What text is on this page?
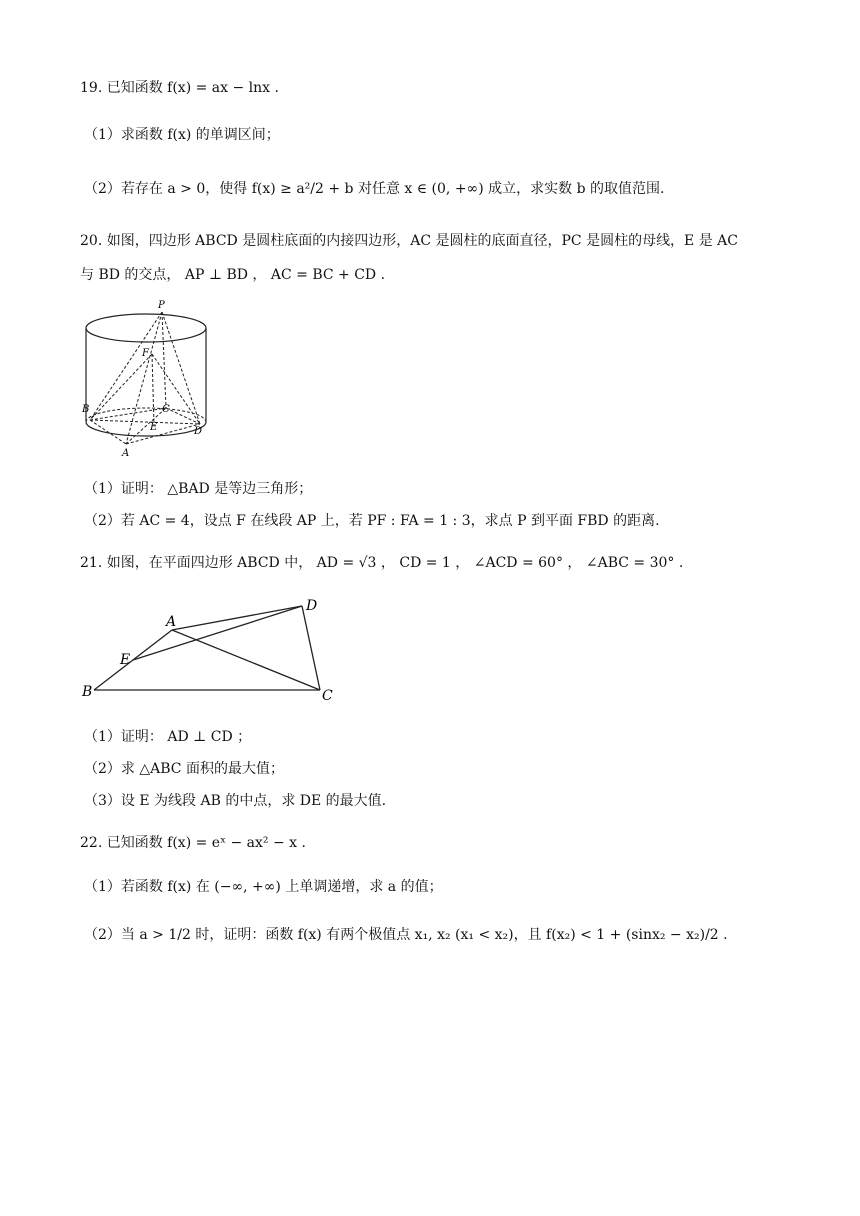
19. 已知函数 f(x) = ax − lnx .
（1）求函数 f(x) 的单调区间；
（2）若存在 a > 0，使得 f(x) ≥ a²/2 + b 对任意 x ∈ (0, +∞) 成立，求实数 b 的取值范围.
20. 如图，四边形 ABCD 是圆柱底面的内接四边形，AC 是圆柱的底面直径，PC 是圆柱的母线，E 是 AC
与 BD 的交点， AP ⊥ BD ， AC = BC + CD .
P
F
B	C
E	D
A
（1）证明： △BAD 是等边三角形；
（2）若 AC = 4，设点 F 在线段 AP 上，若 PF : FA = 1 : 3，求点 P 到平面 FBD 的距离.
21. 如图，在平面四边形 ABCD 中， AD = √3 ， CD = 1 ， ∠ACD = 60° ， ∠ABC = 30° .
A
D
E
B	C
（1）证明： AD ⊥ CD ；
（2）求 △ABC 面积的最大值；
（3）设 E 为线段 AB 的中点，求 DE 的最大值.
22. 已知函数 f(x) = eˣ − ax² − x .
（1）若函数 f(x) 在 (−∞, +∞) 上单调递增，求 a 的值；
（2）当 a > 1/2 时，证明：函数 f(x) 有两个极值点 x₁, x₂ (x₁ < x₂)，且 f(x₂) < 1 + (sinx₂ − x₂)/2 .
